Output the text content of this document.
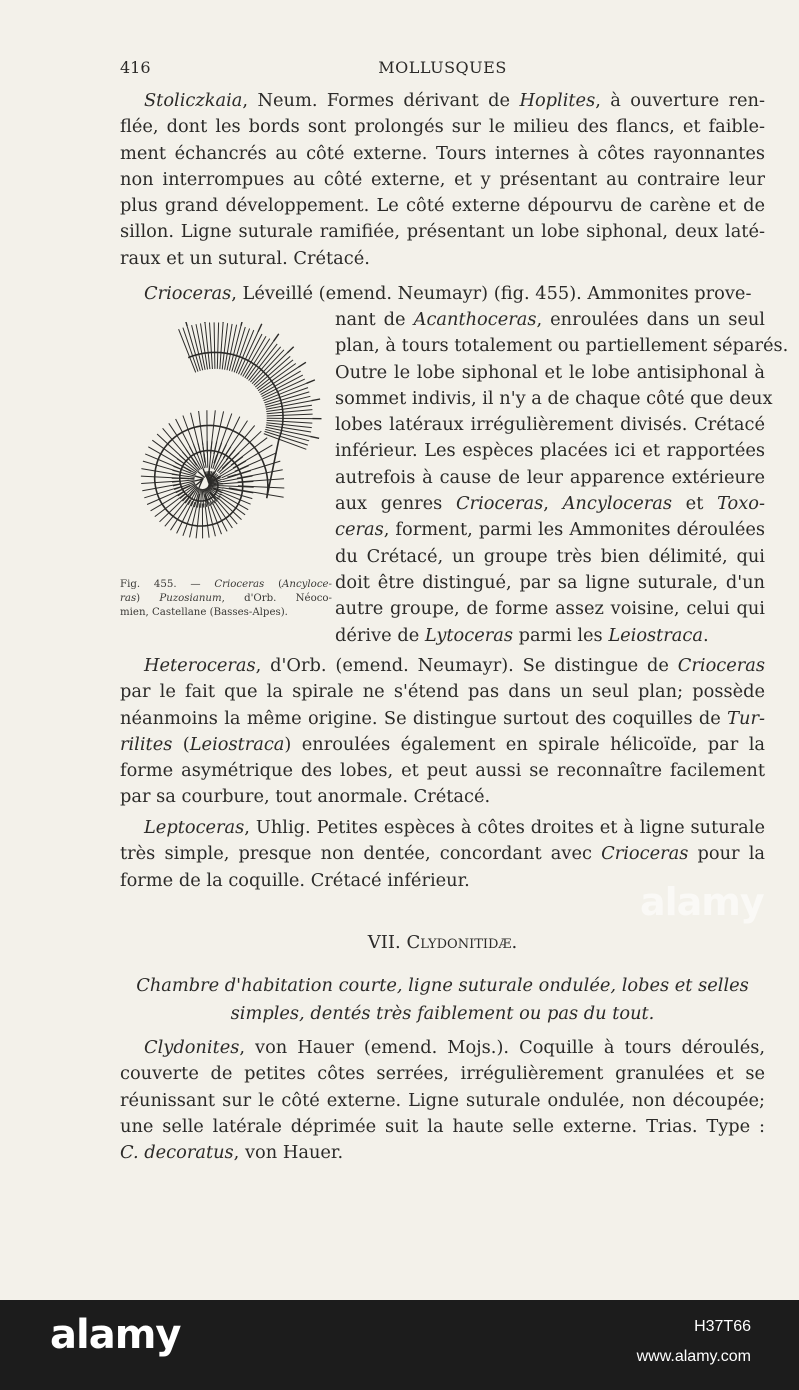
416	MOLLUSQUES
Stoliczkaia, Neum. Formes dérivant de Hoplites, à ouverture ren-
flée, dont les bords sont prolongés sur le milieu des flancs, et faible-
ment échancrés au côté externe. Tours internes à côtes rayonnantes
non interrompues au côté externe, et y présentant au contraire leur
plus grand développement. Le côté externe dépourvu de carène et de
sillon. Ligne suturale ramifiée, présentant un lobe siphonal, deux laté-
raux et un sutural. Crétacé.
Crioceras, Léveillé (emend. Neumayr) (fig. 455). Ammonites prove-
nant de Acanthoceras, enroulées dans un seul
plan, à tours totalement ou partiellement séparés.
Outre le lobe siphonal et le lobe antisiphonal à
sommet indivis, il n'y a de chaque côté que deux
lobes latéraux irrégulièrement divisés. Crétacé
inférieur. Les espèces placées ici et rapportées
autrefois à cause de leur apparence extérieure
aux genres Crioceras, Ancyloceras et Toxo-
ceras, forment, parmi les Ammonites déroulées
du Crétacé, un groupe très bien délimité, qui
doit être distingué, par sa ligne suturale, d'un
autre groupe, de forme assez voisine, celui qui
dérive de Lytoceras parmi les Leiostraca.
Fig. 455. — Crioceras (Ancyloce-
ras) Puzosianum, d'Orb. Néoco-
mien, Castellane (Basses-Alpes).
Heteroceras, d'Orb. (emend. Neumayr). Se distingue de Crioceras
par le fait que la spirale ne s'étend pas dans un seul plan; possède
néanmoins la même origine. Se distingue surtout des coquilles de Tur-
rilites (Leiostraca) enroulées également en spirale hélicoïde, par la
forme asymétrique des lobes, et peut aussi se reconnaître facilement
par sa courbure, tout anormale. Crétacé.
Leptoceras, Uhlig. Petites espèces à côtes droites et à ligne suturale
très simple, presque non dentée, concordant avec Crioceras pour la
forme de la coquille. Crétacé inférieur.
VII. Clydonitidæ.
Chambre d'habitation courte, ligne suturale ondulée, lobes et selles
simples, dentés très faiblement ou pas du tout.
Clydonites, von Hauer (emend. Mojs.). Coquille à tours déroulés,
couverte de petites côtes serrées, irrégulièrement granulées et se
réunissant sur le côté externe. Ligne suturale ondulée, non découpée;
une selle latérale déprimée suit la haute selle externe. Trias. Type :
C. decoratus, von Hauer.
alamy
alamy	H37T66
www.alamy.com
